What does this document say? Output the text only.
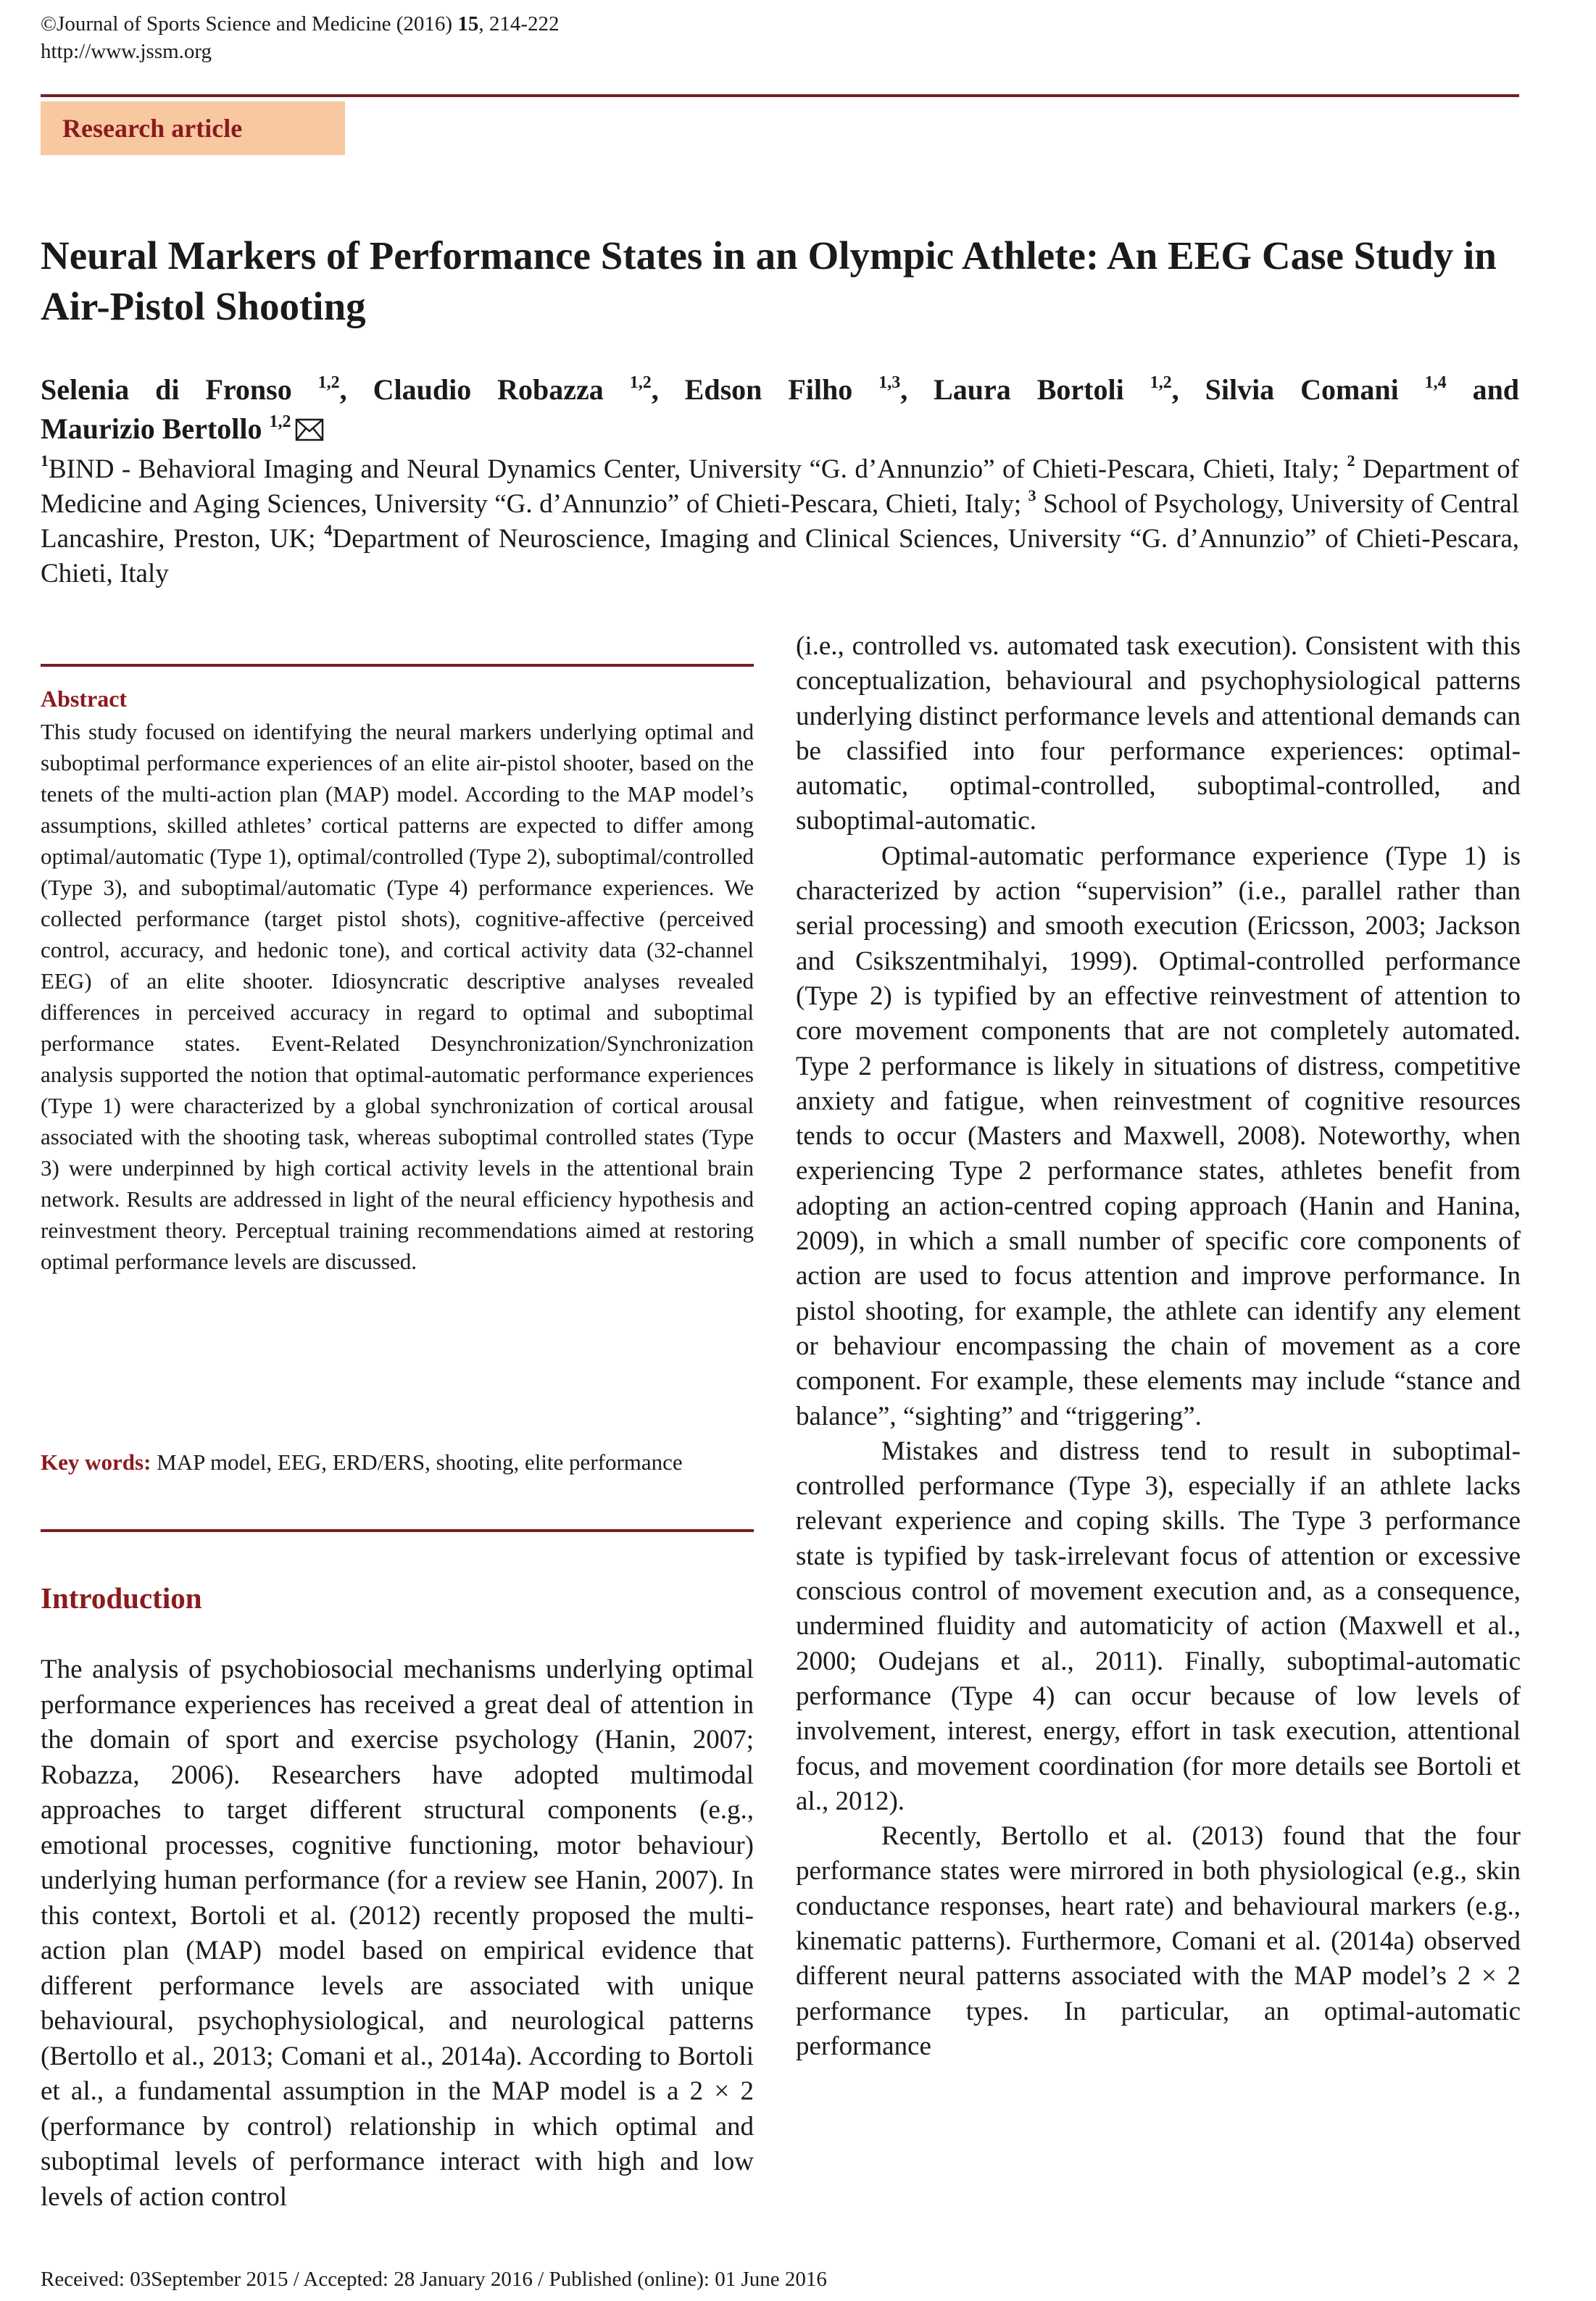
©Journal of Sports Science and Medicine (2016) 15, 214-222
http://www.jssm.org
Research article
Neural Markers of Performance States in an Olympic Athlete: An EEG Case Study in Air-Pistol Shooting
Selenia di Fronso $^{1,2}$, Claudio Robazza $^{1,2}$, Edson Filho $^{1,3}$, Laura Bortoli $^{1,2}$, Silvia Comani $^{1,4}$ and
Maurizio Bertollo $^{1,2}$
$^1$BIND - Behavioral Imaging and Neural Dynamics Center, University “G. d’Annunzio” of Chieti-Pescara, Chieti, Italy; $^2$ Department of Medicine and Aging Sciences, University “G. d’Annunzio” of Chieti-Pescara, Chieti, Italy; $^3$ School of Psychology, University of Central Lancashire, Preston, UK; $^4$Department of Neuroscience, Imaging and Clinical Sciences, University “G. d’Annunzio” of Chieti-Pescara, Chieti, Italy
Abstract
This study focused on identifying the neural markers underlying optimal and suboptimal performance experiences of an elite air-pistol shooter, based on the tenets of the multi-action plan (MAP) model. According to the MAP model’s assumptions, skilled athletes’ cortical patterns are expected to differ among optimal/automatic (Type 1), optimal/controlled (Type 2), suboptimal/controlled (Type 3), and suboptimal/automatic (Type 4) performance experiences. We collected performance (target pistol shots), cognitive-affective (perceived control, accuracy, and hedonic tone), and cortical activity data (32-channel EEG) of an elite shooter. Idiosyncratic descriptive analyses revealed differences in perceived accuracy in regard to optimal and suboptimal performance states. Event-Related Desynchronization/Synchronization analysis supported the notion that optimal-automatic performance experiences (Type 1) were characterized by a global synchronization of cortical arousal associated with the shooting task, whereas suboptimal controlled states (Type 3) were underpinned by high cortical activity levels in the attentional brain network. Results are addressed in light of the neural efficiency hypothesis and reinvestment theory. Perceptual training recommendations aimed at restoring optimal performance levels are discussed.
Key words: MAP model, EEG, ERD/ERS, shooting, elite performance
Introduction

The analysis of psychobiosocial mechanisms underlying optimal performance experiences has received a great deal of attention in the domain of sport and exercise psychology (Hanin, 2007; Robazza, 2006). Researchers have adopted multimodal approaches to target different structural components (e.g., emotional processes, cognitive functioning, motor behaviour) underlying human performance (for a review see Hanin, 2007). In this context, Bortoli et al. (2012) recently proposed the multi-action plan (MAP) model based on empirical evidence that different performance levels are associated with unique behavioural, psychophysiological, and neurological patterns (Bertollo et al., 2013; Comani et al., 2014a). According to Bortoli et al., a fundamental assumption in the MAP model is a 2 × 2 (performance by control) relationship in which optimal and suboptimal levels of performance interact with high and low levels of action control

(i.e., controlled vs. automated task execution). Consistent with this conceptualization, behavioural and psychophysiological patterns underlying distinct performance levels and attentional demands can be classified into four performance experiences: optimal-automatic, optimal-controlled, suboptimal-controlled, and suboptimal-automatic.

Optimal-automatic performance experience (Type 1) is characterized by action “supervision” (i.e., parallel rather than serial processing) and smooth execution (Ericsson, 2003; Jackson and Csikszentmihalyi, 1999). Optimal-controlled performance (Type 2) is typified by an effective reinvestment of attention to core movement components that are not completely automated. Type 2 performance is likely in situations of distress, competitive anxiety and fatigue, when reinvestment of cognitive resources tends to occur (Masters and Maxwell, 2008). Noteworthy, when experiencing Type 2 performance states, athletes benefit from adopting an action-centred coping approach (Hanin and Hanina, 2009), in which a small number of specific core components of action are used to focus attention and improve performance. In pistol shooting, for example, the athlete can identify any element or behaviour encompassing the chain of movement as a core component. For example, these elements may include “stance and balance”, “sighting” and “triggering”.

Mistakes and distress tend to result in suboptimal-controlled performance (Type 3), especially if an athlete lacks relevant experience and coping skills. The Type 3 performance state is typified by task-irrelevant focus of attention or excessive conscious control of movement execution and, as a consequence, undermined fluidity and automaticity of action (Maxwell et al., 2000; Oudejans et al., 2011). Finally, suboptimal-automatic performance (Type 4) can occur because of low levels of involvement, interest, energy, effort in task execution, attentional focus, and movement coordination (for more details see Bortoli et al., 2012).

Recently, Bertollo et al. (2013) found that the four performance states were mirrored in both physiological (e.g., skin conductance responses, heart rate) and behavioural markers (e.g., kinematic patterns). Furthermore, Comani et al. (2014a) observed different neural patterns associated with the MAP model’s 2 × 2 performance types. In particular, an optimal-automatic performance

Received: 03September 2015 / Accepted: 28 January 2016 / Published (online): 01 June 2016
